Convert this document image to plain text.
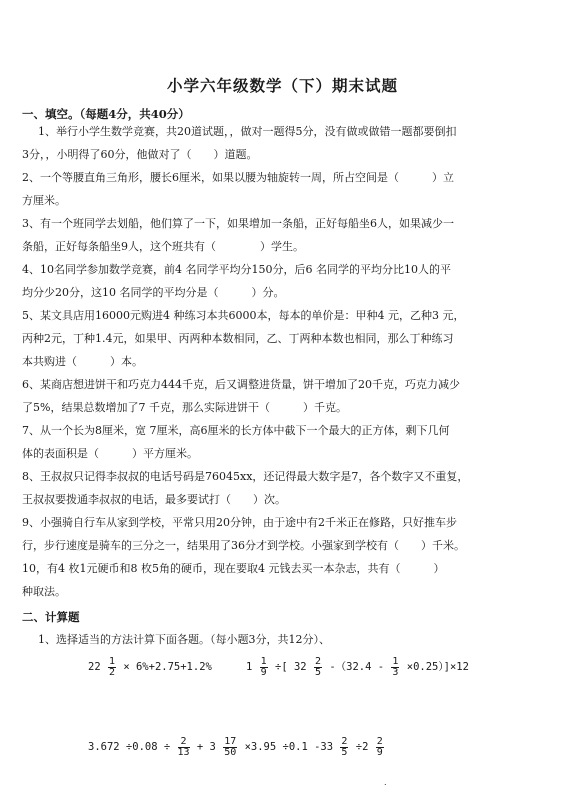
小学六年级数学（下）期末试题
一、填空。（每题4分，共40分）
1、举行小学生数学竞赛，共20道试题，，做对一题得5分，没有做或做错一题都要倒扣
3分，，小明得了60分，他做对了（　　）道题。
2、一个等腰直角三角形，腰长6厘米，如果以腰为轴旋转一周，所占空间是（　　　）立
方厘米。
3、有一个班同学去划船，他们算了一下，如果增加一条船，正好每船坐6人，如果减少一
条船，正好每条船坐9人，这个班共有（　　　　）学生。
4、10名同学参加数学竞赛，前4 名同学平均分150分，后6 名同学的平均分比10人的平
均分少20分，这10 名同学的平均分是（　　　）分。
5、某文具店用16000元购进4 种练习本共6000本，每本的单价是：甲种4 元，乙种3 元，
丙种2元，丁种1.4元，如果甲、丙两种本数相同，乙、丁两种本数也相同，那么丁种练习
本共购进（　　　）本。
6、某商店想进饼干和巧克力444千克，后又调整进货量，饼干增加了20千克，巧克力减少
了5%，结果总数增加了7 千克，那么实际进饼干（　　　）千克。
7、从一个长为8厘米，宽 7厘米，高6厘米的长方体中截下一个最大的正方体，剩下几何
体的表面积是（　　　）平方厘米。
8、王叔叔只记得李叔叔的电话号码是76045xx，还记得最大数字是7，各个数字又不重复，
王叔叔要拨通李叔叔的电话，最多要试打（　　）次。
9、小强骑自行车从家到学校，平常只用20分钟，由于途中有2千米正在修路，只好推车步
行，步行速度是骑车的三分之一，结果用了36分才到学校。小强家到学校有（　　）千米。
10，有4 枚1元硬币和8 枚5角的硬币，现在要取4 元钱去买一本杂志，共有（　　　）
种取法。
二、计算题
1、选择适当的方法计算下面各题。（每小题3分，共12分）、
$22 \frac{1}{2} \times 6\%+2.75+1.2\%$	$1 \frac{1}{9}$ ÷[ $32 \frac{2}{5} -(32.4 - \frac{1}{3} \times 0.25)]\times 12$
$3.672 \div 0.08 \div \frac{2}{13} + 3 \frac{17}{50} \times 3.95 \div 0.1$ $-33 \frac{2}{5} \div 2 \frac{2}{9}$
.
